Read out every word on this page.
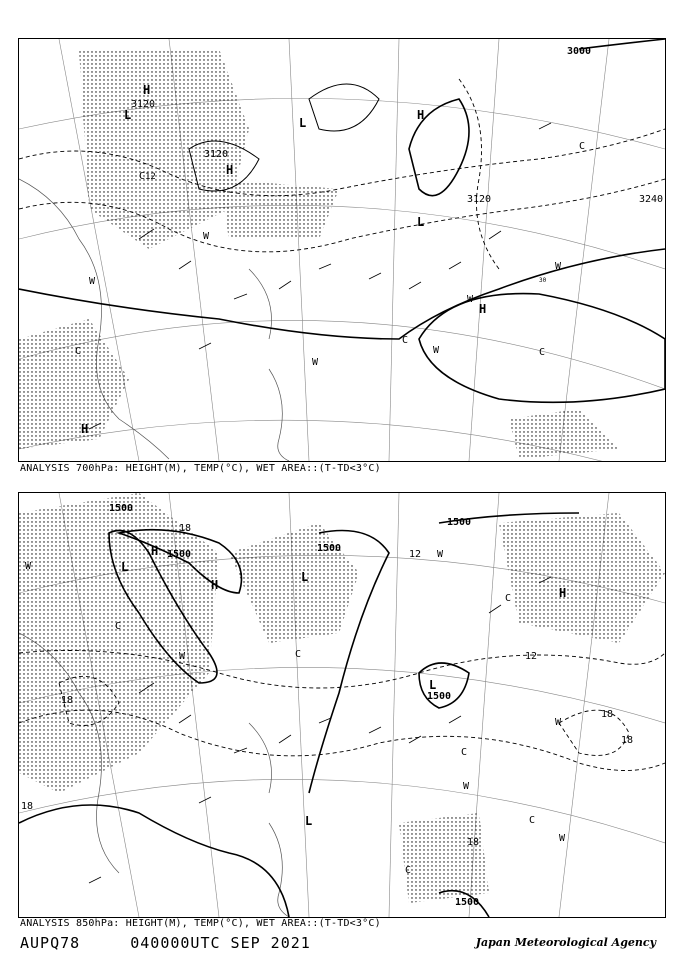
3000
3120
3120
3120	3240
H
H
H
H
H
L
L
L
W
W
W
W
W
W
C
C
C
C
C
12
30
ANALYSIS 700hPa: HEIGHT(M), TEMP(°C), WET AREA::(T-TD<3°C)
1500
1500
1500
1500
1500
1500
H
H
H
L
L
L
L
W
W
W
W
W
W
C
C
C
C
C
C
18
18
18
18
18
12
12
18
ANALYSIS 850hPa: HEIGHT(M), TEMP(°C), WET AREA::(T-TD<3°C)
AUPQ78	040000UTC SEP 2021	Japan Meteorological Agency
